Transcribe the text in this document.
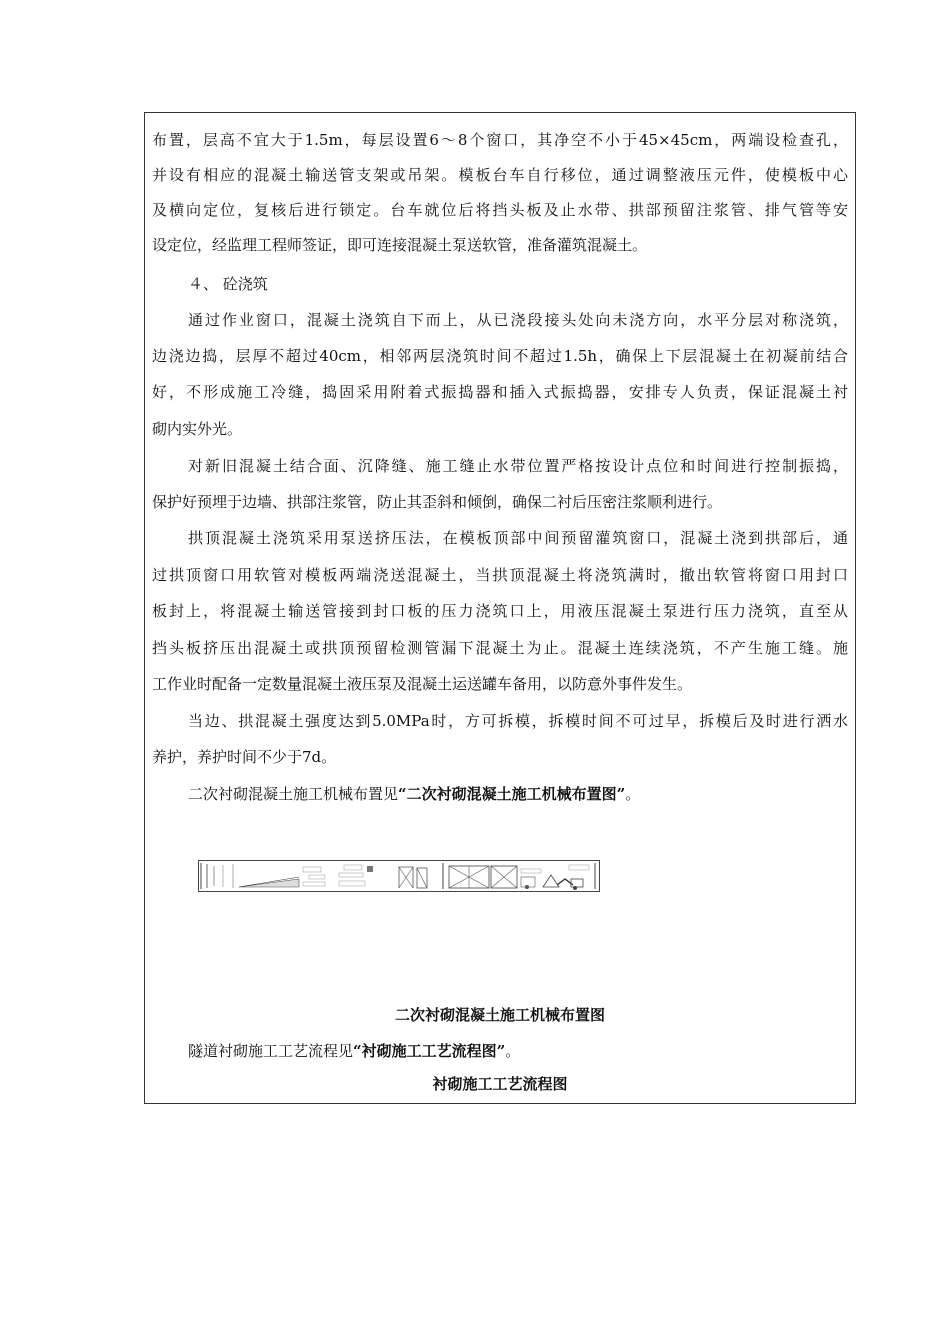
布置，层高不宜大于1.5m，每层设置6～8个窗口，其净空不小于45×45cm，两端设检查孔，
并设有相应的混凝土输送管支架或吊架。模板台车自行移位，通过调整液压元件，使模板中心
及横向定位，复核后进行锁定。台车就位后将挡头板及止水带、拱部预留注浆管、排气管等安
设定位，经监理工程师签证，即可连接混凝土泵送软管，准备灌筑混凝土。
４、 砼浇筑
通过作业窗口，混凝土浇筑自下而上，从已浇段接头处向未浇方向，水平分层对称浇筑，
边浇边捣，层厚不超过40cm，相邻两层浇筑时间不超过1.5h，确保上下层混凝土在初凝前结合
好，不形成施工冷缝，捣固采用附着式振捣器和插入式振捣器，安排专人负责，保证混凝土衬
砌内实外光。
对新旧混凝土结合面、沉降缝、施工缝止水带位置严格按设计点位和时间进行控制振捣，
保护好预埋于边墙、拱部注浆管，防止其歪斜和倾倒，确保二衬后压密注浆顺利进行。
拱顶混凝土浇筑采用泵送挤压法，在模板顶部中间预留灌筑窗口，混凝土浇到拱部后，通
过拱顶窗口用软管对模板两端浇送混凝土，当拱顶混凝土将浇筑满时，撤出软管将窗口用封口
板封上，将混凝土输送管接到封口板的压力浇筑口上，用液压混凝土泵进行压力浇筑，直至从
挡头板挤压出混凝土或拱顶预留检测管漏下混凝土为止。混凝土连续浇筑，不产生施工缝。施
工作业时配备一定数量混凝土液压泵及混凝土运送罐车备用，以防意外事件发生。
当边、拱混凝土强度达到5.0MPa时，方可拆模，拆模时间不可过早，拆模后及时进行洒水
养护，养护时间不少于7d。
二次衬砌混凝土施工机械布置见“二次衬砌混凝土施工机械布置图”。
二次衬砌混凝土施工机械布置图
隧道衬砌施工工艺流程见“衬砌施工工艺流程图”。
衬砌施工工艺流程图
